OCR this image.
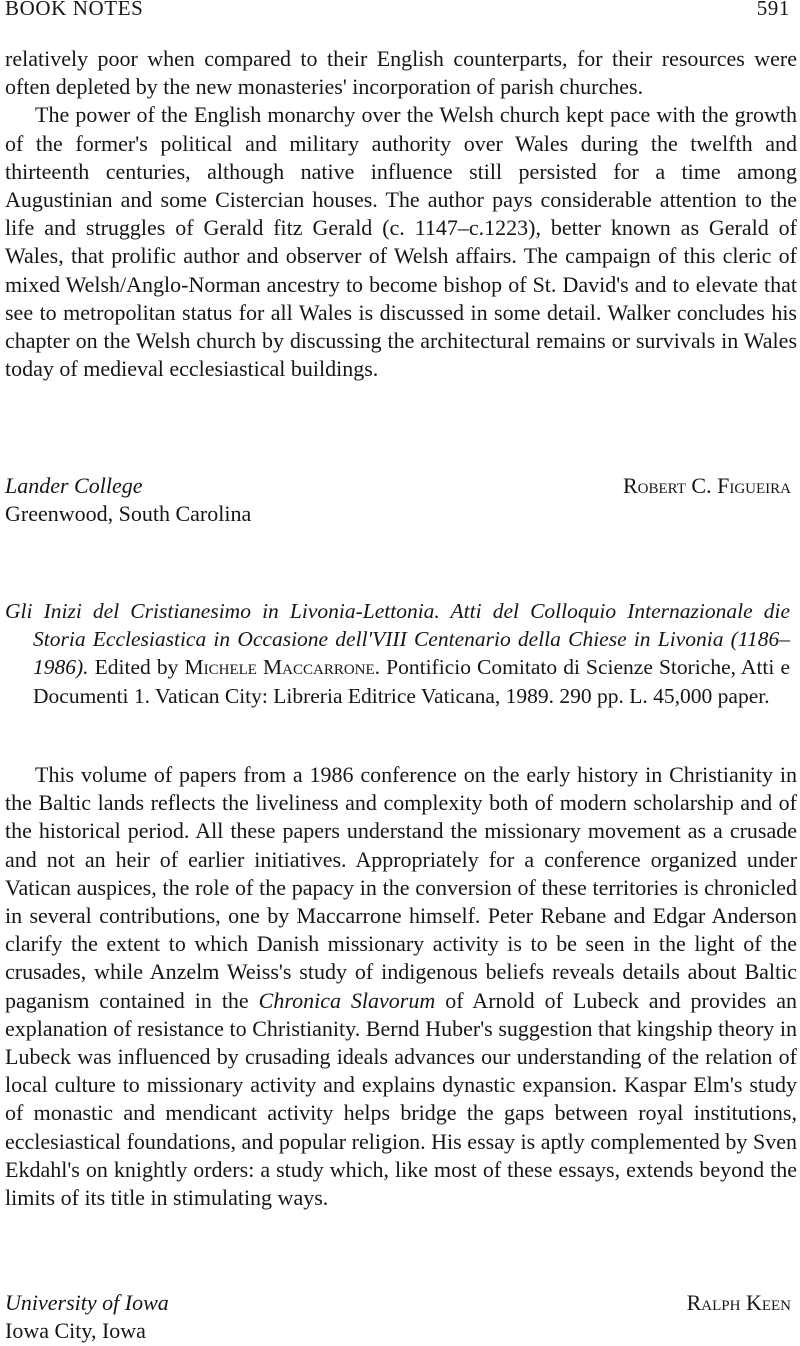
BOOK NOTES	591

relatively poor when compared to their English counterparts, for their resources were often depleted by the new monasteries' incorporation of parish churches.

The power of the English monarchy over the Welsh church kept pace with the growth of the former's political and military authority over Wales during the twelfth and thirteenth centuries, although native influence still persisted for a time among Augustinian and some Cistercian houses. The author pays considerable attention to the life and struggles of Gerald fitz Gerald (c. 1147–c.1223), better known as Gerald of Wales, that prolific author and observer of Welsh affairs. The campaign of this cleric of mixed Welsh/Anglo-Norman ancestry to become bishop of St. David's and to elevate that see to metropolitan status for all Wales is discussed in some detail. Walker concludes his chapter on the Welsh church by discussing the architectural remains or survivals in Wales today of medieval ecclesiastical buildings.

Lander College
Greenwood, South Carolina
Robert C. Figueira
Gli Inizi del Cristianesimo in Livonia-Lettonia. Atti del Colloquio Internazionale die Storia Ecclesiastica in Occasione dell'VIII Centenario della Chiese in Livonia (1186–1986). Edited by Michele Maccarrone. Pontificio Comitato di Scienze Storiche, Atti e Documenti 1. Vatican City: Libreria Editrice Vaticana, 1989. 290 pp. L. 45,000 paper.

This volume of papers from a 1986 conference on the early history in Christianity in the Baltic lands reflects the liveliness and complexity both of modern scholarship and of the historical period. All these papers understand the missionary movement as a crusade and not an heir of earlier initiatives. Appropriately for a conference organized under Vatican auspices, the role of the papacy in the conversion of these territories is chronicled in several contributions, one by Maccarrone himself. Peter Rebane and Edgar Anderson clarify the extent to which Danish missionary activity is to be seen in the light of the crusades, while Anzelm Weiss's study of indigenous beliefs reveals details about Baltic paganism contained in the Chronica Slavorum of Arnold of Lubeck and provides an explanation of resistance to Christianity. Bernd Huber's suggestion that kingship theory in Lubeck was influenced by crusading ideals advances our understanding of the relation of local culture to missionary activity and explains dynastic expansion. Kaspar Elm's study of monastic and mendicant activity helps bridge the gaps between royal institutions, ecclesiastical foundations, and popular religion. His essay is aptly complemented by Sven Ekdahl's on knightly orders: a study which, like most of these essays, extends beyond the limits of its title in stimulating ways.

University of Iowa
Iowa City, Iowa
Ralph Keen
